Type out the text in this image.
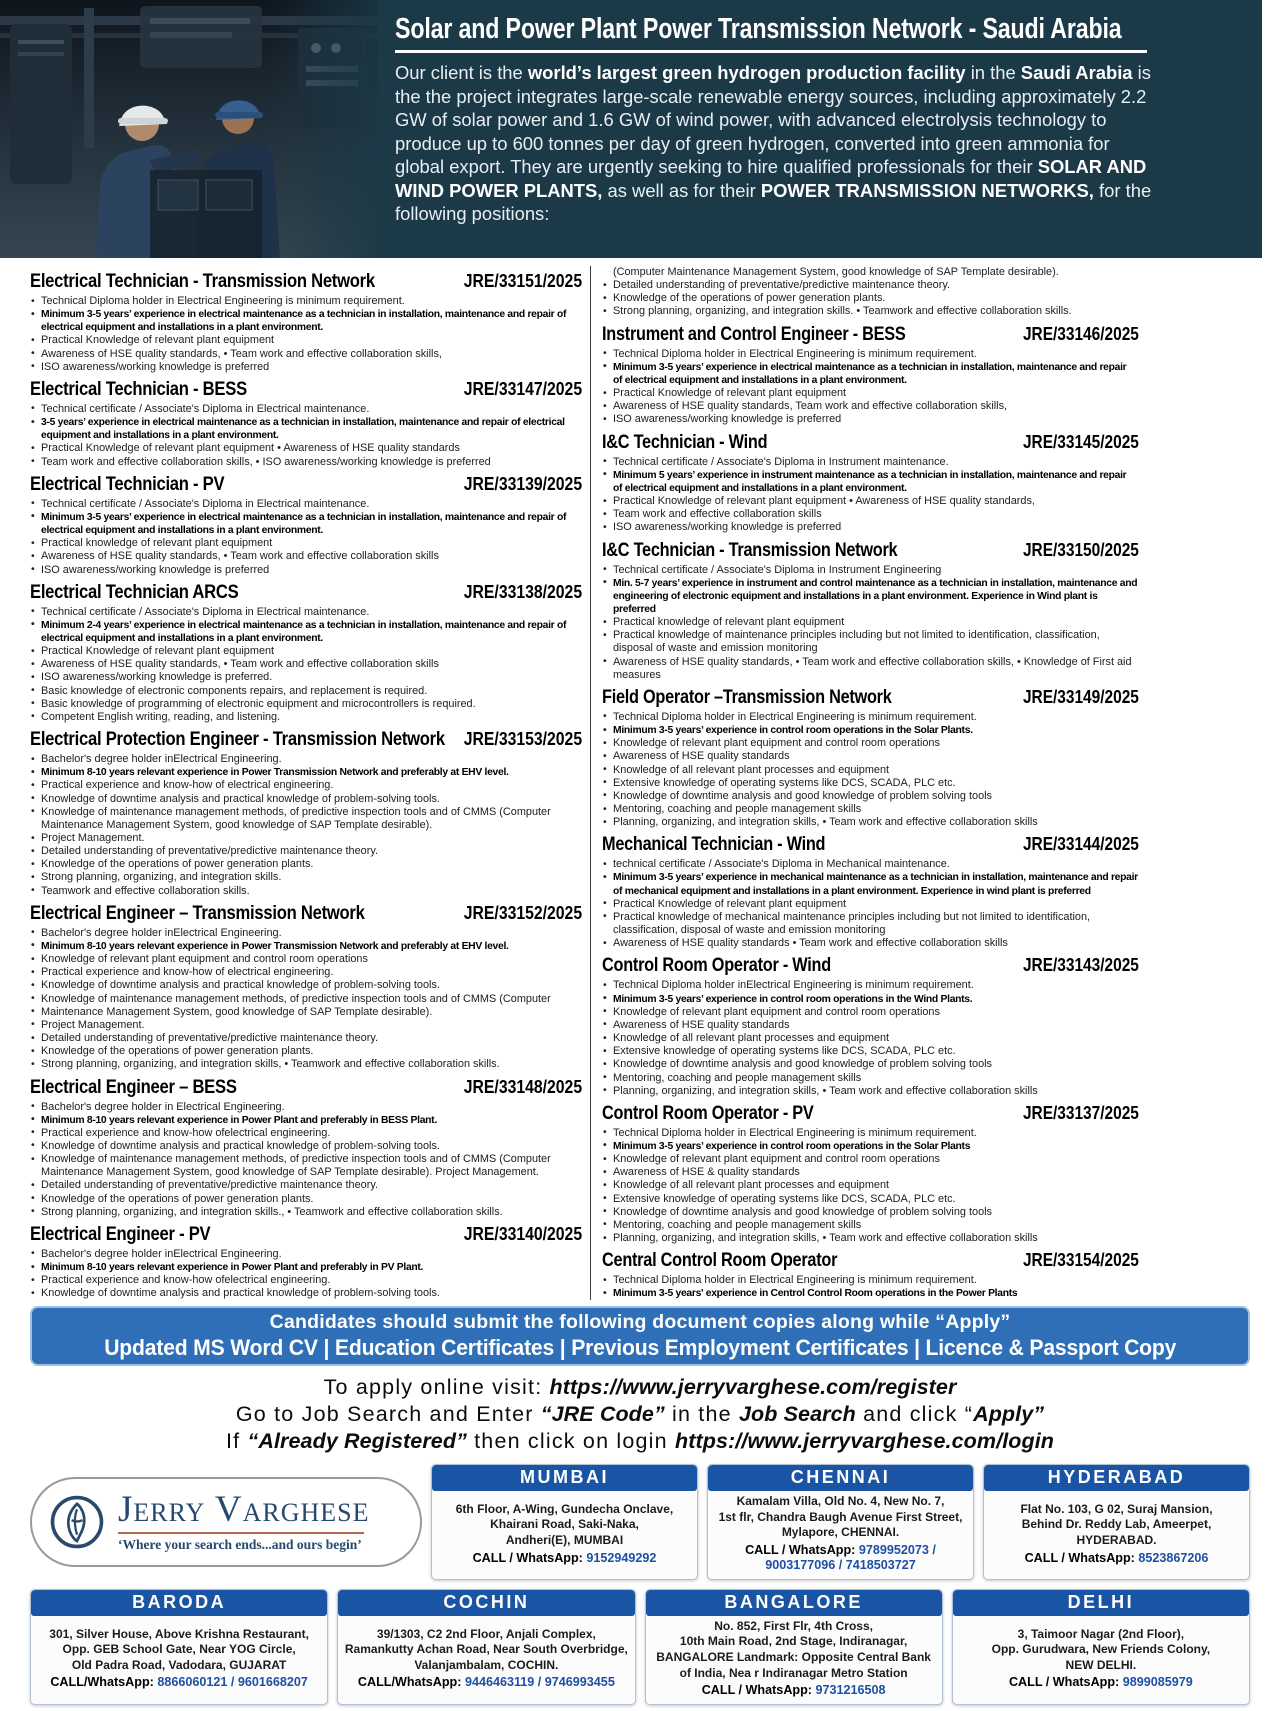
Solar and Power Plant Power Transmission Network - Saudi Arabia

Our client is the world’s largest green hydrogen production facility in the Saudi Arabia is the the project integrates large-scale renewable energy sources, including approximately 2.2 GW of solar power and 1.6 GW of wind power, with advanced electrolysis technology to produce up to 600 tonnes per day of green hydrogen, converted into green ammonia for global export. They are urgently seeking to hire qualified professionals for their SOLAR AND WIND POWER PLANTS, as well as for their POWER TRANSMISSION NETWORKS, for the following positions:

Electrical Technician - Transmission Network	JRE/33151/2025
• Technical Diploma holder in Electrical Engineering is minimum requirement.
• Minimum 3-5 years’ experience in electrical maintenance as a technician in installation, maintenance and repair of electrical equipment and installations in a plant environment.
• Practical Knowledge of relevant plant equipment
• Awareness of HSE quality standards, • Team work and effective collaboration skills,
• ISO awareness/working knowledge is preferred
Electrical Technician - BESS	JRE/33147/2025
• Technical certificate / Associate's Diploma in Electrical maintenance.
• 3-5 years’ experience in electrical maintenance as a technician in installation, maintenance and repair of electrical equipment and installations in a plant environment.
• Practical Knowledge of relevant plant equipment • Awareness of HSE quality standards
• Team work and effective collaboration skills, • ISO awareness/working knowledge is preferred
Electrical Technician - PV	JRE/33139/2025
• Technical certificate / Associate's Diploma in Electrical maintenance.
• Minimum 3-5 years’ experience in electrical maintenance as a technician in installation, maintenance and repair of electrical equipment and installations in a plant environment.
• Practical knowledge of relevant plant equipment
• Awareness of HSE quality standards, • Team work and effective collaboration skills
• ISO awareness/working knowledge is preferred
Electrical Technician ARCS	JRE/33138/2025
• Technical certificate / Associate's Diploma in Electrical maintenance.
• Minimum 2-4 years’ experience in electrical maintenance as a technician in installation, maintenance and repair of electrical equipment and installations in a plant environment.
• Practical Knowledge of relevant plant equipment
• Awareness of HSE quality standards, • Team work and effective collaboration skills
• ISO awareness/working knowledge is preferred.
• Basic knowledge of electronic components repairs, and replacement is required.
• Basic knowledge of programming of electronic equipment and microcontrollers is required.
• Competent English writing, reading, and listening.
Electrical Protection Engineer - Transmission Network JRE/33153/2025
• Bachelor's degree holder inElectrical Engineering.
• Minimum 8-10 years relevant experience in Power Transmission Network and preferably at EHV level.
• Practical experience and know-how of electrical engineering.
• Knowledge of downtime analysis and practical knowledge of problem-solving tools.
• Knowledge of maintenance management methods, of predictive inspection tools and of CMMS (Computer Maintenance Management System, good knowledge of SAP Template desirable).
• Project Management.
• Detailed understanding of preventative/predictive maintenance theory.
• Knowledge of the operations of power generation plants.
• Strong planning, organizing, and integration skills.
• Teamwork and effective collaboration skills.
Electrical Engineer – Transmission Network	JRE/33152/2025
• Bachelor's degree holder inElectrical Engineering.
• Minimum 8-10 years relevant experience in Power Transmission Network and preferably at EHV level.
• Knowledge of relevant plant equipment and control room operations
• Practical experience and know-how of electrical engineering.
• Knowledge of downtime analysis and practical knowledge of problem-solving tools.
• Knowledge of maintenance management methods, of predictive inspection tools and of CMMS (Computer
• Maintenance Management System, good knowledge of SAP Template desirable).
• Project Management.
• Detailed understanding of preventative/predictive maintenance theory.
• Knowledge of the operations of power generation plants.
• Strong planning, organizing, and integration skills, • Teamwork and effective collaboration skills.
Electrical Engineer – BESS	JRE/33148/2025
• Bachelor's degree holder in Electrical Engineering.
• Minimum 8-10 years relevant experience in Power Plant and preferably in BESS Plant.
• Practical experience and know-how ofelectrical engineering.
• Knowledge of downtime analysis and practical knowledge of problem-solving tools.
• Knowledge of maintenance management methods, of predictive inspection tools and of CMMS (Computer Maintenance Management System, good knowledge of SAP Template desirable). Project Management.
• Detailed understanding of preventative/predictive maintenance theory.
• Knowledge of the operations of power generation plants.
• Strong planning, organizing, and integration skills., • Teamwork and effective collaboration skills.
Electrical Engineer - PV	JRE/33140/2025
• Bachelor's degree holder inElectrical Engineering.
• Minimum 8-10 years relevant experience in Power Plant and preferably in PV Plant.
• Practical experience and know-how ofelectrical engineering.
• Knowledge of downtime analysis and practical knowledge of problem-solving tools.
(Computer Maintenance Management System, good knowledge of SAP Template desirable).
• Detailed understanding of preventative/predictive maintenance theory.
• Knowledge of the operations of power generation plants.
• Strong planning, organizing, and integration skills. • Teamwork and effective collaboration skills.
Instrument and Control Engineer - BESS	JRE/33146/2025
• Technical Diploma holder in Electrical Engineering is minimum requirement.
• Minimum 3-5 years’ experience in electrical maintenance as a technician in installation, maintenance and repair of electrical equipment and installations in a plant environment.
• Practical Knowledge of relevant plant equipment
• Awareness of HSE quality standards, Team work and effective collaboration skills,
• ISO awareness/working knowledge is preferred
I&C Technician - Wind	JRE/33145/2025
• Technical certificate / Associate's Diploma in Instrument maintenance.
• Minimum 5 years’ experience in instrument maintenance as a technician in installation, maintenance and repair of electrical equipment and installations in a plant environment.
• Practical Knowledge of relevant plant equipment • Awareness of HSE quality standards,
• Team work and effective collaboration skills
• ISO awareness/working knowledge is preferred
I&C Technician - Transmission Network	JRE/33150/2025
• Technical certificate / Associate's Diploma in Instrument Engineering
• Min. 5-7 years’ experience in instrument and control maintenance as a technician in installation, maintenance and engineering of electronic equipment and installations in a plant environment. Experience in Wind plant is preferred
• Practical knowledge of relevant plant equipment
• Practical knowledge of maintenance principles including but not limited to identification, classification, disposal of waste and emission monitoring
• Awareness of HSE quality standards, • Team work and effective collaboration skills, • Knowledge of First aid measures
Field Operator –Transmission Network	JRE/33149/2025
• Technical Diploma holder in Electrical Engineering is minimum requirement.
• Minimum 3-5 years’ experience in control room operations in the Solar Plants.
• Knowledge of relevant plant equipment and control room operations
• Awareness of HSE quality standards
• Knowledge of all relevant plant processes and equipment
• Extensive knowledge of operating systems like DCS, SCADA, PLC etc.
• Knowledge of downtime analysis and good knowledge of problem solving tools
• Mentoring, coaching and people management skills
• Planning, organizing, and integration skills, • Team work and effective collaboration skills
Mechanical Technician - Wind	JRE/33144/2025
• technical certificate / Associate's Diploma in Mechanical maintenance.
• Minimum 3-5 years’ experience in mechanical maintenance as a technician in installation, maintenance and repair of mechanical equipment and installations in a plant environment. Experience in wind plant is preferred
• Practical Knowledge of relevant plant equipment
• Practical knowledge of mechanical maintenance principles including but not limited to identification, classification, disposal of waste and emission monitoring
• Awareness of HSE quality standards • Team work and effective collaboration skills
Control Room Operator - Wind	JRE/33143/2025
• Technical Diploma holder inElectrical Engineering is minimum requirement.
• Minimum 3-5 years’ experience in control room operations in the Wind Plants.
• Knowledge of relevant plant equipment and control room operations
• Awareness of HSE quality standards
• Knowledge of all relevant plant processes and equipment
• Extensive knowledge of operating systems like DCS, SCADA, PLC etc.
• Knowledge of downtime analysis and good knowledge of problem solving tools
• Mentoring, coaching and people management skills
• Planning, organizing, and integration skills, • Team work and effective collaboration skills
Control Room Operator - PV	JRE/33137/2025
• Technical Diploma holder in Electrical Engineering is minimum requirement.
• Minimum 3-5 years’ experience in control room operations in the Solar Plants
• Knowledge of relevant plant equipment and control room operations
• Awareness of HSE & quality standards
• Knowledge of all relevant plant processes and equipment
• Extensive knowledge of operating systems like DCS, SCADA, PLC etc.
• Knowledge of downtime analysis and good knowledge of problem solving tools
• Mentoring, coaching and people management skills
• Planning, organizing, and integration skills, • Team work and effective collaboration skills
Central Control Room Operator	JRE/33154/2025
• Technical Diploma holder in Electrical Engineering is minimum requirement.
• Minimum 3-5 years' experience in Centrol Control Room operations in the Power Plants
Candidates should submit the following document copies along while “Apply”
Updated MS Word CV | Education Certificates | Previous Employment Certificates | Licence & Passport Copy
To apply online visit: https://www.jerryvarghese.com/register
Go to Job Search and Enter “JRE Code” in the Job Search and click “Apply”
If “Already Registered” then click on login https://www.jerryvarghese.com/login
Jerry Varghese
‘Where your search ends...and ours begin’
MUMBAI
6th Floor, A-Wing, Gundecha Onclave,
Khairani Road, Saki-Naka,
Andheri(E), MUMBAI
CALL / WhatsApp: 9152949292
CHENNAI
Kamalam Villa, Old No. 4, New No. 7,
1st flr, Chandra Baugh Avenue First Street,
Mylapore, CHENNAI.
CALL / WhatsApp: 9789952073 / 9003177096 / 7418503727
HYDERABAD
Flat No. 103, G 02, Suraj Mansion,
Behind Dr. Reddy Lab, Ameerpet,
HYDERABAD.
CALL / WhatsApp: 8523867206
BARODA
301, Silver House, Above Krishna Restaurant,
Opp. GEB School Gate, Near YOG Circle,
Old Padra Road, Vadodara, GUJARAT
CALL/WhatsApp: 8866060121 / 9601668207
COCHIN
39/1303, C2 2nd Floor, Anjali Complex,
Ramankutty Achan Road, Near South Overbridge,
Valanjambalam, COCHIN.
CALL/WhatsApp: 9446463119 / 9746993455
BANGALORE
No. 852, First Flr, 4th Cross,
10th Main Road, 2nd Stage, Indiranagar,
BANGALORE Landmark: Opposite Central Bank
of India, Nea r Indiranagar Metro Station
CALL / WhatsApp: 9731216508
DELHI
3, Taimoor Nagar (2nd Floor),
Opp. Gurudwara, New Friends Colony,
NEW DELHI.
CALL / WhatsApp: 9899085979
